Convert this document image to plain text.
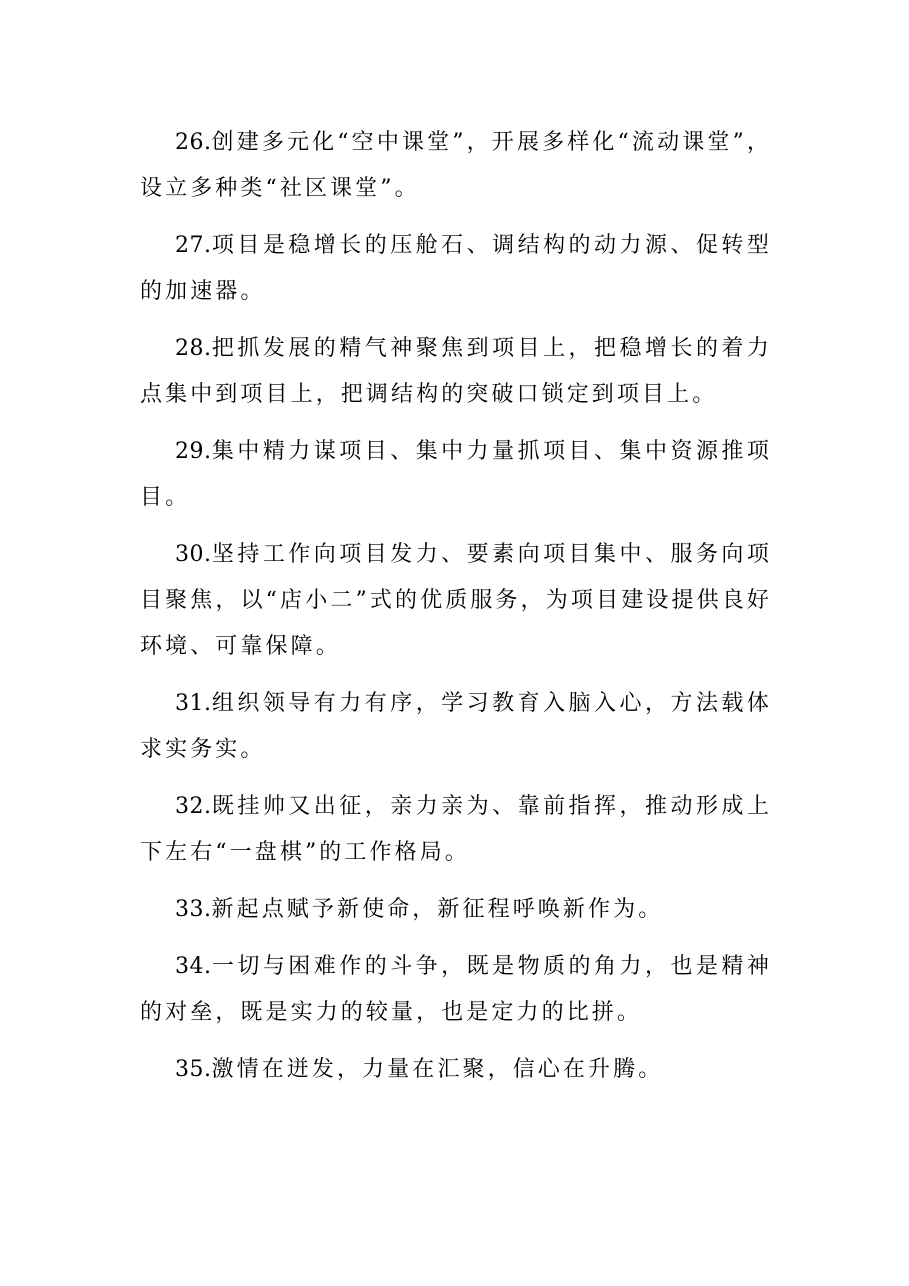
26.创建多元化“空中课堂”，开展多样化“流动课堂”，设立多种类“社区课堂”。

27.项目是稳增长的压舱石、调结构的动力源、促转型的加速器。

28.把抓发展的精气神聚焦到项目上，把稳增长的着力点集中到项目上，把调结构的突破口锁定到项目上。

29.集中精力谋项目、集中力量抓项目、集中资源推项目。

30.坚持工作向项目发力、要素向项目集中、服务向项目聚焦，以“店小二”式的优质服务，为项目建设提供良好环境、可靠保障。

31.组织领导有力有序，学习教育入脑入心，方法载体求实务实。

32.既挂帅又出征，亲力亲为、靠前指挥，推动形成上下左右“一盘棋”的工作格局。

33.新起点赋予新使命，新征程呼唤新作为。

34.一切与困难作的斗争，既是物质的角力，也是精神的对垒，既是实力的较量，也是定力的比拼。

35.激情在迸发，力量在汇聚，信心在升腾。
